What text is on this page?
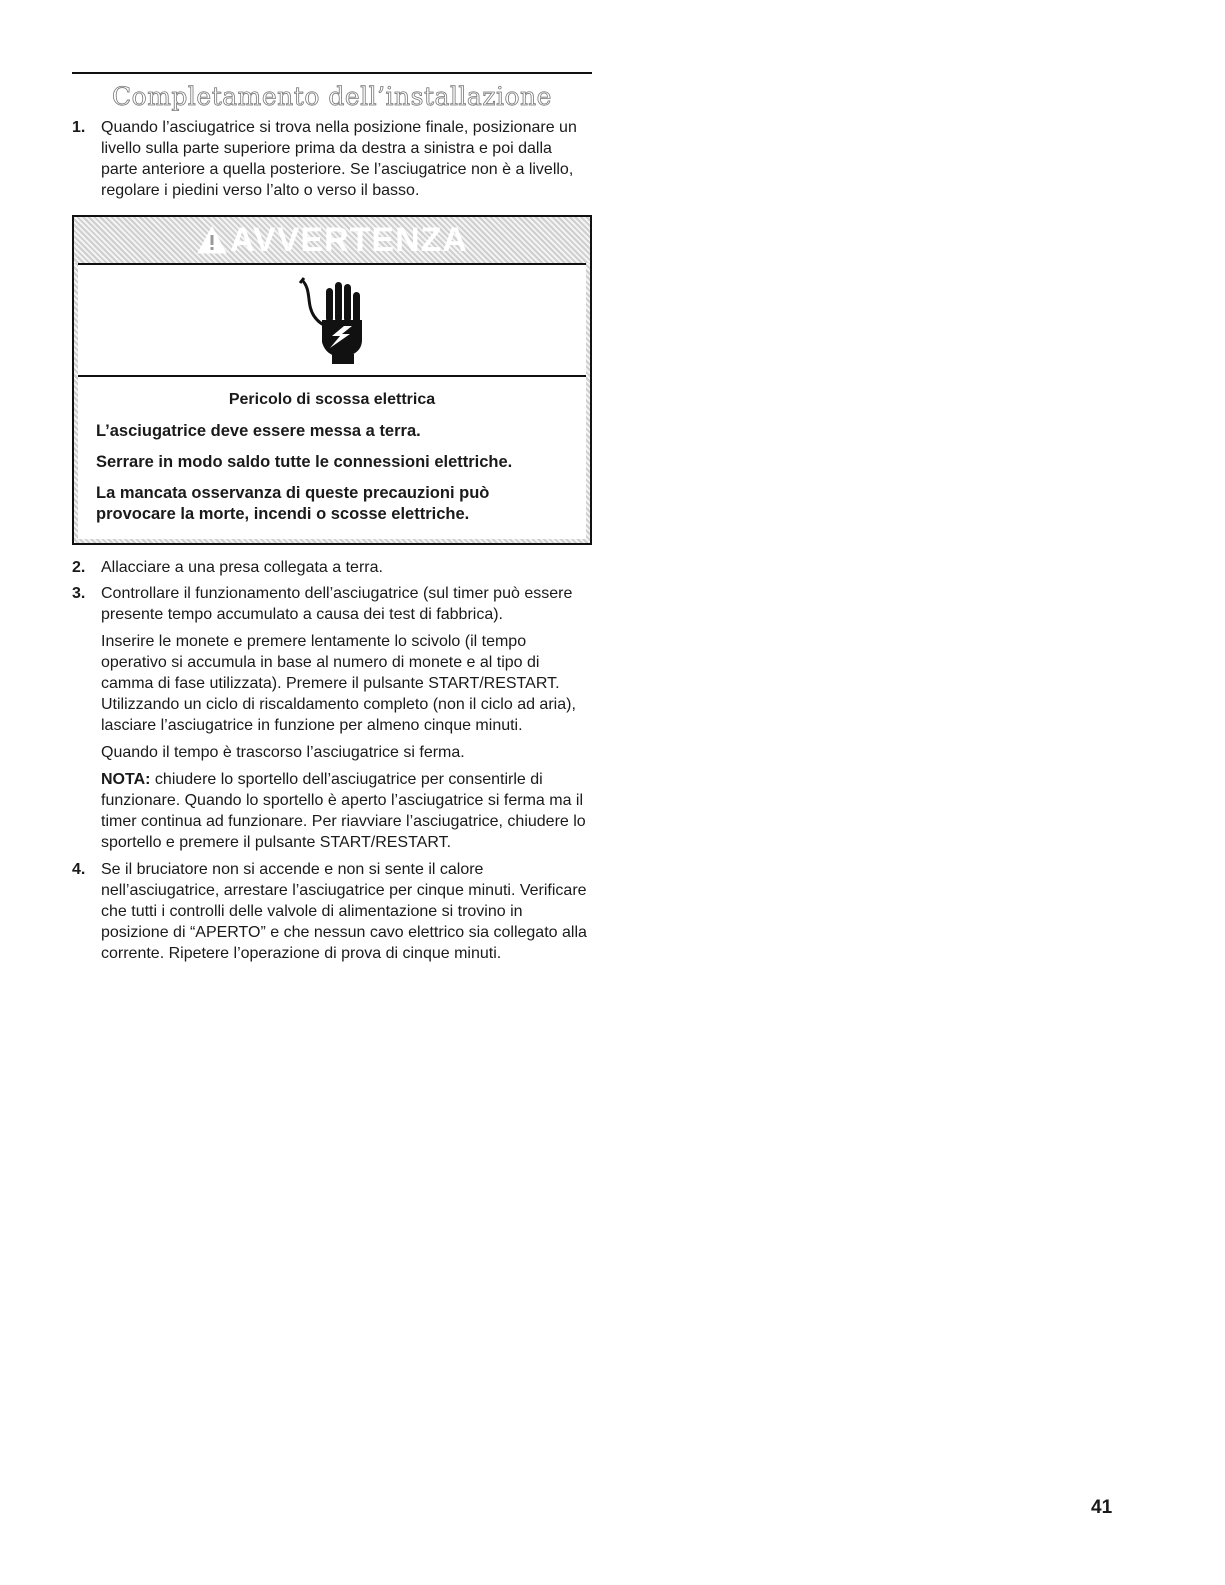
Completamento dell’installazione
1. Quando l’asciugatrice si trova nella posizione finale, posizionare un livello sulla parte superiore prima da destra a sinistra e poi dalla parte anteriore a quella posteriore. Se l’asciugatrice non è a livello, regolare i piedini verso l’alto o verso il basso.

AVVERTENZA
Pericolo di scossa elettrica

L’asciugatrice deve essere messa a terra.

Serrare in modo saldo tutte le connessioni elettriche.

La mancata osservanza di queste precauzioni può provocare la morte, incendi o scosse elettriche.

2. Allacciare a una presa collegata a terra.

3. Controllare il funzionamento dell’asciugatrice (sul timer può essere presente tempo accumulato a causa dei test di fabbrica).

Inserire le monete e premere lentamente lo scivolo (il tempo operativo si accumula in base al numero di monete e al tipo di camma di fase utilizzata). Premere il pulsante START/RESTART. Utilizzando un ciclo di riscaldamento completo (non il ciclo ad aria), lasciare l’asciugatrice in funzione per almeno cinque minuti.

Quando il tempo è trascorso l’asciugatrice si ferma.

NOTA: chiudere lo sportello dell’asciugatrice per consentirle di funzionare. Quando lo sportello è aperto l’asciugatrice si ferma ma il timer continua ad funzionare. Per riavviare l’asciugatrice, chiudere lo sportello e premere il pulsante START/RESTART.

4. Se il bruciatore non si accende e non si sente il calore nell’asciugatrice, arrestare l’asciugatrice per cinque minuti. Verificare che tutti i controlli delle valvole di alimentazione si trovino in posizione di “APERTO” e che nessun cavo elettrico sia collegato alla corrente. Ripetere l’operazione di prova di cinque minuti.

41
